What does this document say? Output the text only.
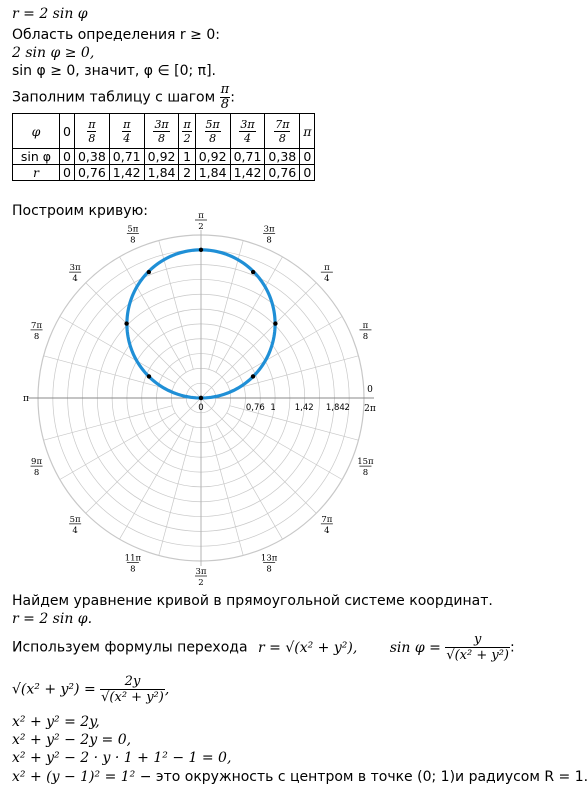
r = 2 sin φ
Область определения r ≥ 0:
2 sin φ ≥ 0,
sin φ ≥ 0, значит, φ ∈ [0; π].
Заполним таблицу с шагом $\frac{\pi}{8}$ :
φ	0	$\frac{\pi}{8}$	$\frac{\pi}{4}$	$\frac{3\pi}{8}$	$\frac{\pi}{2}$	$\frac{5\pi}{8}$	$\frac{3\pi}{4}$	$\frac{7\pi}{8}$	π
sin φ	0	0,38	0,71	0,92	1	0,92	0,71	0,38	0
r	0	0,76	1,42	1,84	2	1,84	1,42	0,76	0
Построим кривую:
0	0,76 1 1,42 1,84 2
0
π
8
π
4
3π
8
π
2
5π
8
3π
4
7π
8
π
9π
8
5π
4
11π
8	3π
2
13π
8
7π
4
15π
8
2π
Найдем уравнение кривой в прямоугольной системе координат.
r = 2 sin φ.
Используем формулы перехода r = √(x² + y²), $\sin \varphi = \frac{y}{\text{√(x² + y²)}}$ :
$√(x^2 + y^2) = \frac{2y}{\text{√(x² + y²)}}$ ,
x² + y² = 2y,
x² + y² − 2y = 0,
x² + y² − 2 · y · 1 + 1² − 1 = 0,
x² + (y − 1)² = 1² − это окружность с центром в точке (0; 1)и радиусом R = 1.
